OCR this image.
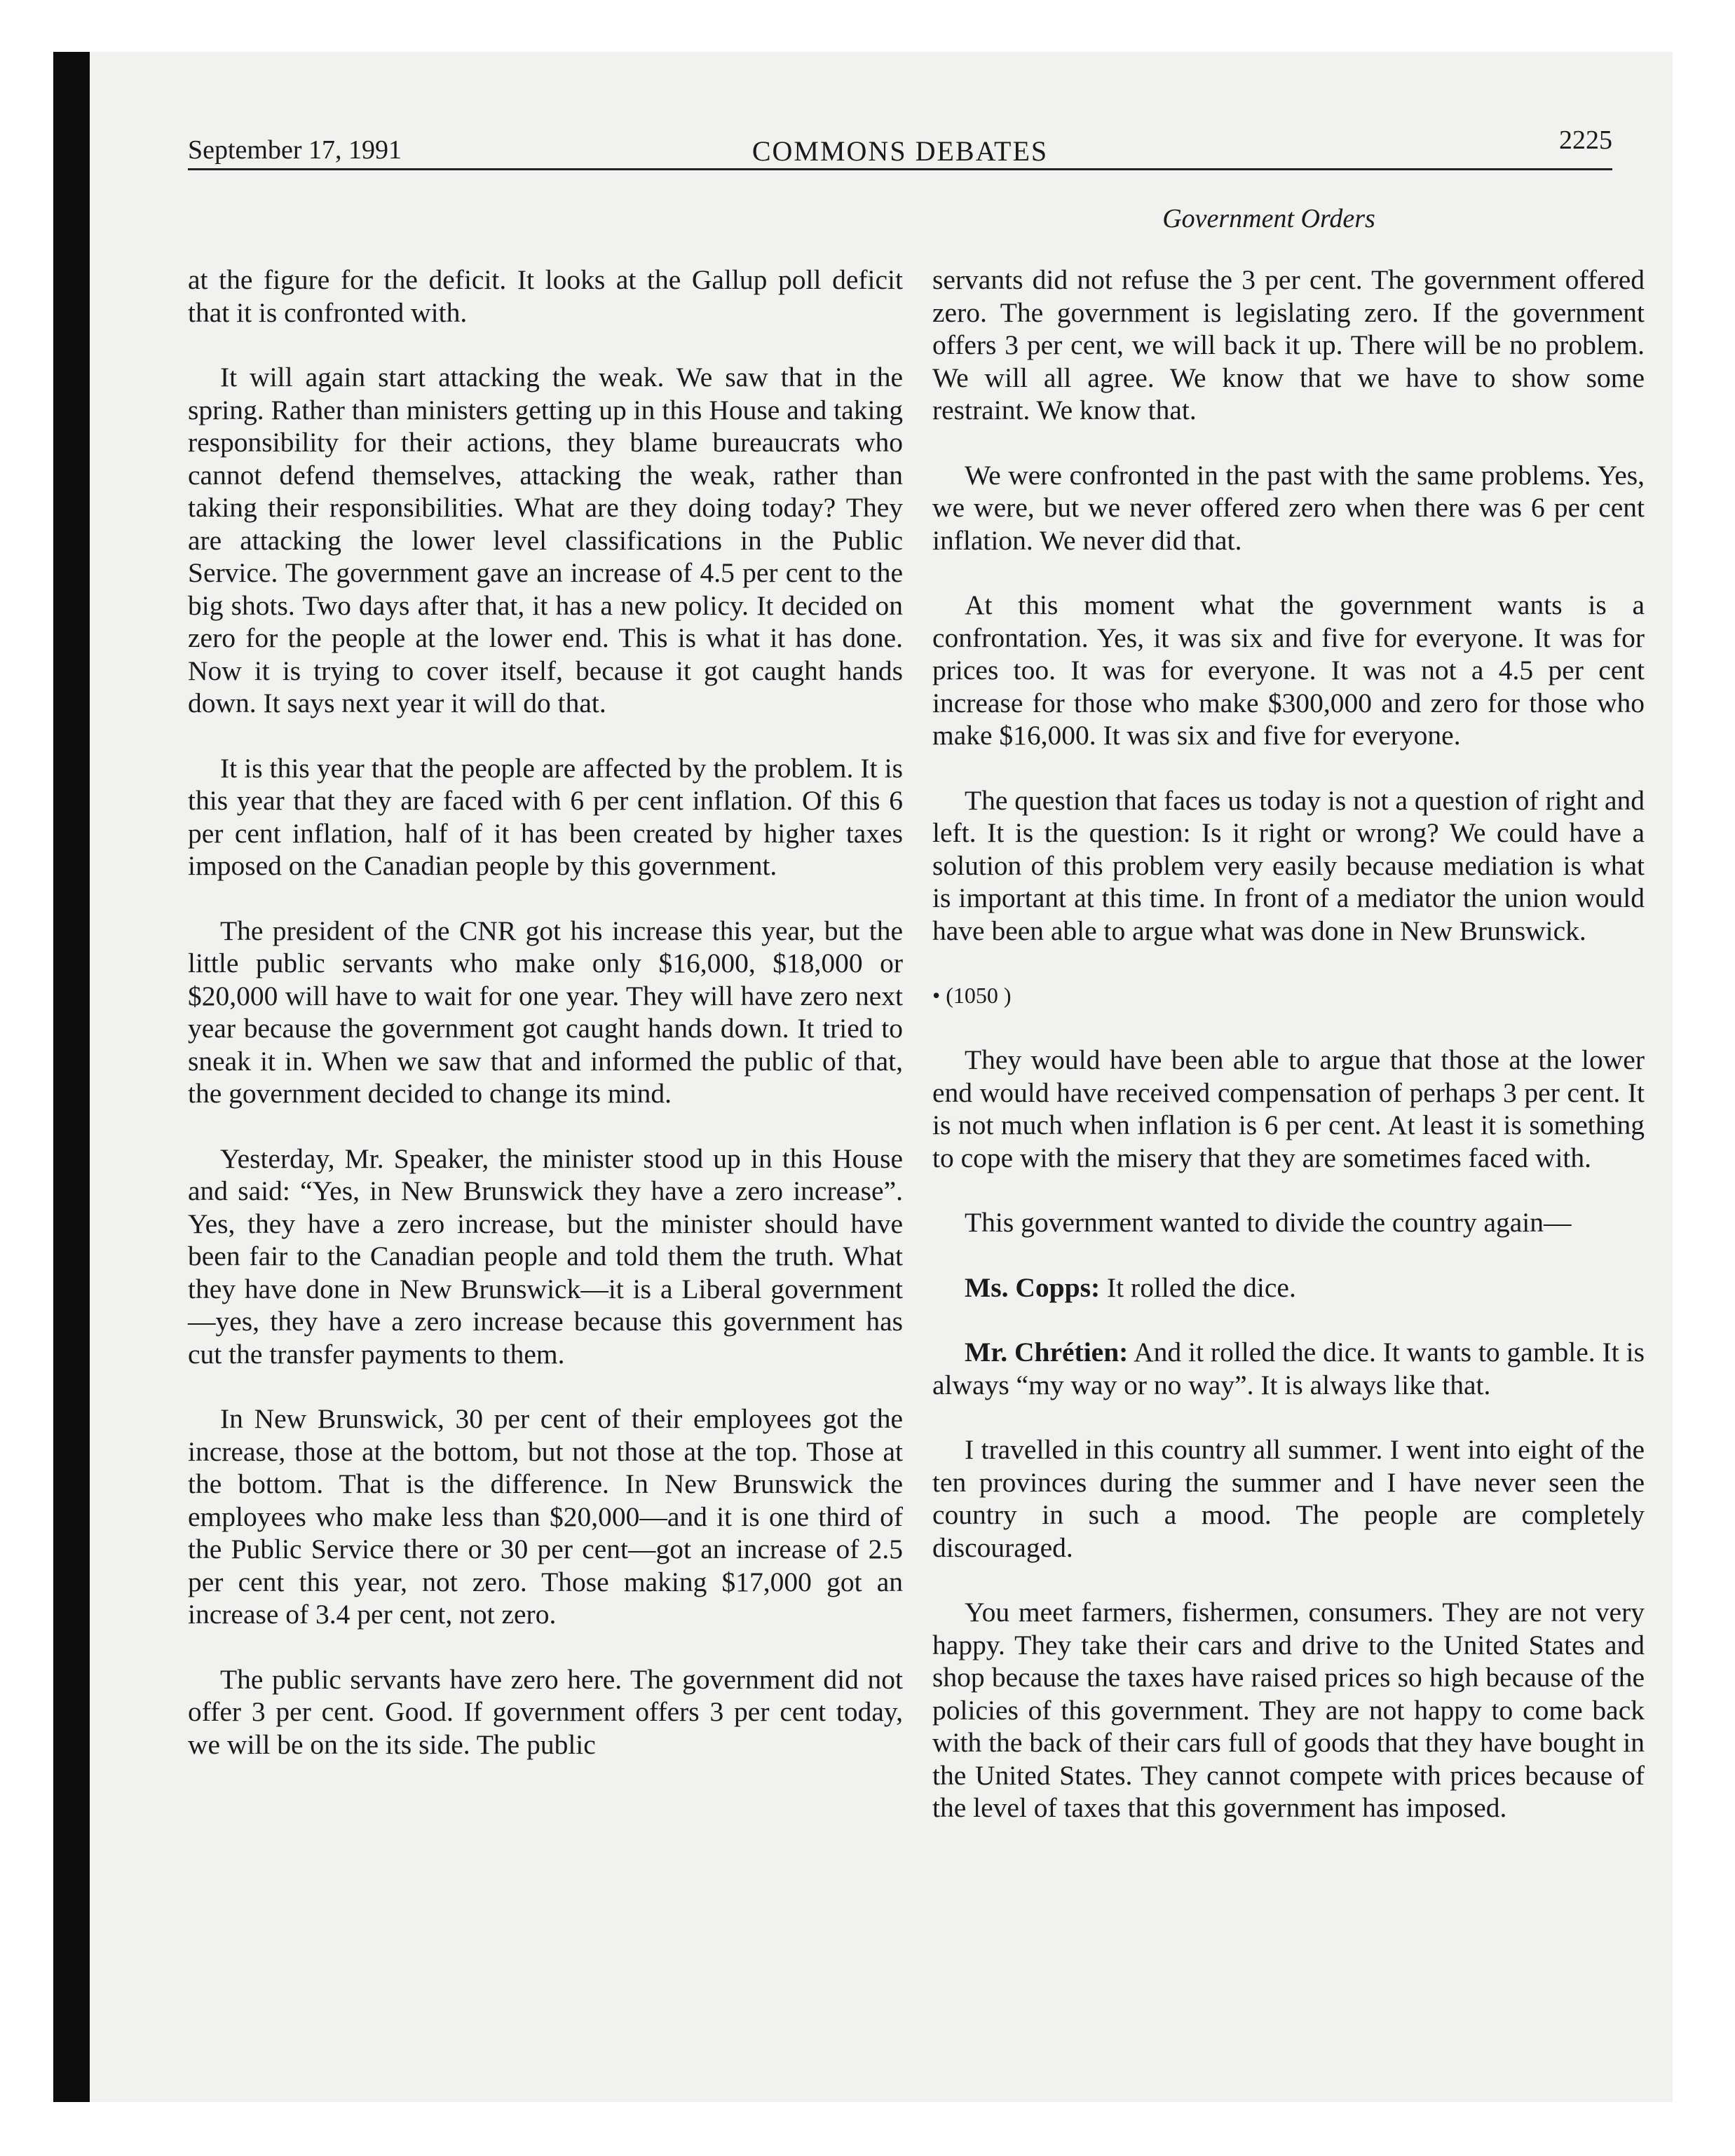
September 17, 1991	COMMONS DEBATES	2225
Government Orders

at the figure for the deficit. It looks at the Gallup poll deficit that it is confronted with.

It will again start attacking the weak. We saw that in the spring. Rather than ministers getting up in this House and taking responsibility for their actions, they blame bureaucrats who cannot defend themselves, attacking the weak, rather than taking their responsibilities. What are they doing today? They are attacking the lower level classifications in the Public Service. The government gave an increase of 4.5 per cent to the big shots. Two days after that, it has a new policy. It decided on zero for the people at the lower end. This is what it has done. Now it is trying to cover itself, because it got caught hands down. It says next year it will do that.

It is this year that the people are affected by the problem. It is this year that they are faced with 6 per cent inflation. Of this 6 per cent inflation, half of it has been created by higher taxes imposed on the Canadian people by this government.

The president of the CNR got his increase this year, but the little public servants who make only $16,000, $18,000 or $20,000 will have to wait for one year. They will have zero next year because the government got caught hands down. It tried to sneak it in. When we saw that and informed the public of that, the government decided to change its mind.

Yesterday, Mr. Speaker, the minister stood up in this House and said: “Yes, in New Brunswick they have a zero increase”. Yes, they have a zero increase, but the minister should have been fair to the Canadian people and told them the truth. What they have done in New Brunswick—it is a Liberal government—yes, they have a zero increase because this government has cut the transfer payments to them.

In New Brunswick, 30 per cent of their employees got the increase, those at the bottom, but not those at the top. Those at the bottom. That is the difference. In New Brunswick the employees who make less than $20,000—and it is one third of the Public Service there or 30 per cent—got an increase of 2.5 per cent this year, not zero. Those making $17,000 got an increase of 3.4 per cent, not zero.

The public servants have zero here. The government did not offer 3 per cent. Good. If government offers 3 per cent today, we will be on the its side. The public

servants did not refuse the 3 per cent. The government offered zero. The government is legislating zero. If the government offers 3 per cent, we will back it up. There will be no problem. We will all agree. We know that we have to show some restraint. We know that.

We were confronted in the past with the same problems. Yes, we were, but we never offered zero when there was 6 per cent inflation. We never did that.

At this moment what the government wants is a confrontation. Yes, it was six and five for everyone. It was for prices too. It was for everyone. It was not a 4.5 per cent increase for those who make $300,000 and zero for those who make $16,000. It was six and five for everyone.

The question that faces us today is not a question of right and left. It is the question: Is it right or wrong? We could have a solution of this problem very easily because mediation is what is important at this time. In front of a mediator the union would have been able to argue what was done in New Brunswick.

• (1050 )

They would have been able to argue that those at the lower end would have received compensation of perhaps 3 per cent. It is not much when inflation is 6 per cent. At least it is something to cope with the misery that they are sometimes faced with.

This government wanted to divide the country again—

Ms. Copps: It rolled the dice.

Mr. Chrétien: And it rolled the dice. It wants to gamble. It is always “my way or no way”. It is always like that.

I travelled in this country all summer. I went into eight of the ten provinces during the summer and I have never seen the country in such a mood. The people are completely discouraged.

You meet farmers, fishermen, consumers. They are not very happy. They take their cars and drive to the United States and shop because the taxes have raised prices so high because of the policies of this government. They are not happy to come back with the back of their cars full of goods that they have bought in the United States. They cannot compete with prices because of the level of taxes that this government has imposed.
